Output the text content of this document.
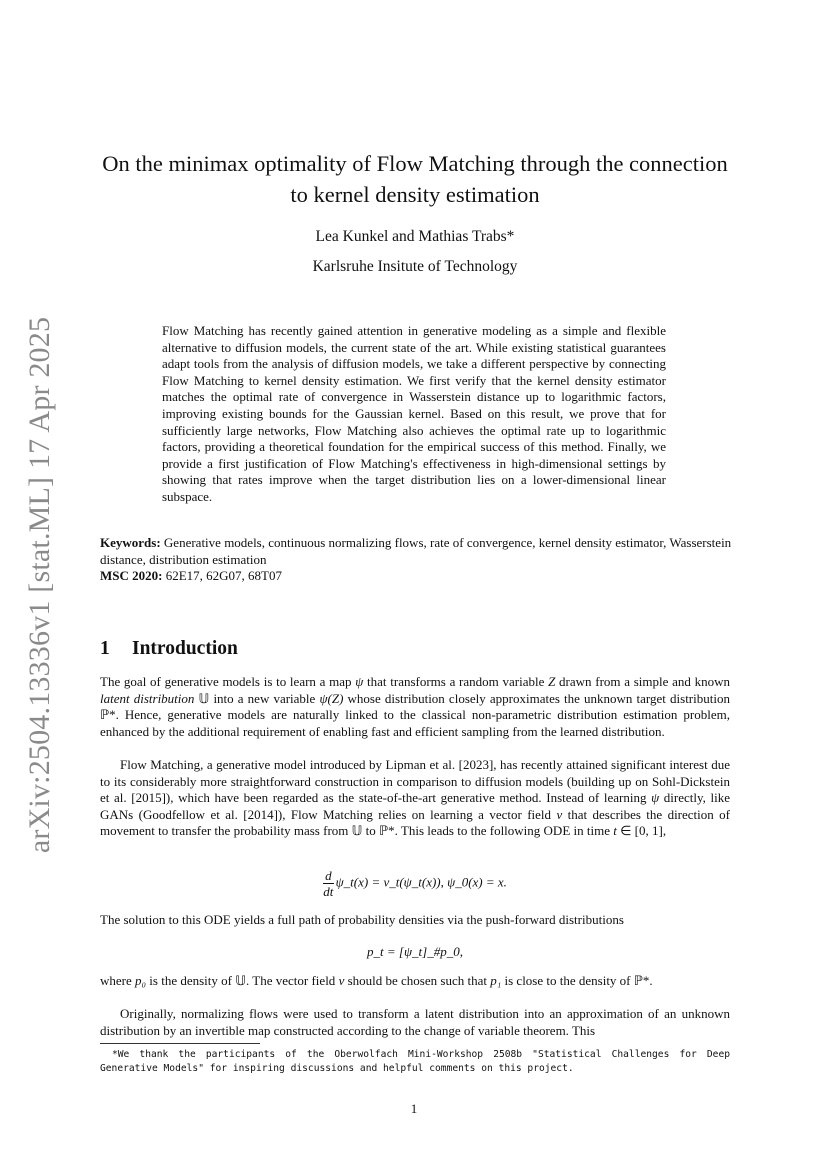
arXiv:2504.13336v1 [stat.ML] 17 Apr 2025
On the minimax optimality of Flow Matching through the connection to kernel density estimation
Lea Kunkel and Mathias Trabs*
Karlsruhe Insitute of Technology
Flow Matching has recently gained attention in generative modeling as a simple and flexible alternative to diffusion models, the current state of the art. While existing statistical guarantees adapt tools from the analysis of diffusion models, we take a different perspective by connecting Flow Matching to kernel density estimation. We first verify that the kernel density estimator matches the optimal rate of convergence in Wasserstein distance up to logarithmic factors, improving existing bounds for the Gaussian kernel. Based on this result, we prove that for sufficiently large networks, Flow Matching also achieves the optimal rate up to logarithmic factors, providing a theoretical foundation for the empirical success of this method. Finally, we provide a first justification of Flow Matching's effectiveness in high-dimensional settings by showing that rates improve when the target distribution lies on a lower-dimensional linear subspace.
Keywords: Generative models, continuous normalizing flows, rate of convergence, kernel density estimator, Wasserstein distance, distribution estimation
MSC 2020: 62E17, 62G07, 68T07
1 Introduction
The goal of generative models is to learn a map ψ that transforms a random variable Z drawn from a simple and known latent distribution 𝕌 into a new variable ψ(Z) whose distribution closely approximates the unknown target distribution ℙ*. Hence, generative models are naturally linked to the classical non-parametric distribution estimation problem, enhanced by the additional requirement of enabling fast and efficient sampling from the learned distribution.
Flow Matching, a generative model introduced by Lipman et al. [2023], has recently attained significant interest due to its considerably more straightforward construction in comparison to diffusion models (building up on Sohl-Dickstein et al. [2015]), which have been regarded as the state-of-the-art generative method. Instead of learning ψ directly, like GANs (Goodfellow et al. [2014]), Flow Matching relies on learning a vector field v that describes the direction of movement to transfer the probability mass from 𝕌 to ℙ*. This leads to the following ODE in time t ∈ [0, 1],
$\frac{d}{dt}$ ψ_t(x) = v_t(ψ_t(x)), ψ_0(x) = x.
The solution to this ODE yields a full path of probability densities via the push-forward distributions
p_t = [ψ_t]_#p_0,
where p₀ is the density of 𝕌. The vector field v should be chosen such that p₁ is close to the density of ℙ*.
Originally, normalizing flows were used to transform a latent distribution into an approximation of an unknown distribution by an invertible map constructed according to the change of variable theorem. This
*We thank the participants of the Oberwolfach Mini-Workshop 2508b "Statistical Challenges for Deep Generative Models" for inspiring discussions and helpful comments on this project.
1
